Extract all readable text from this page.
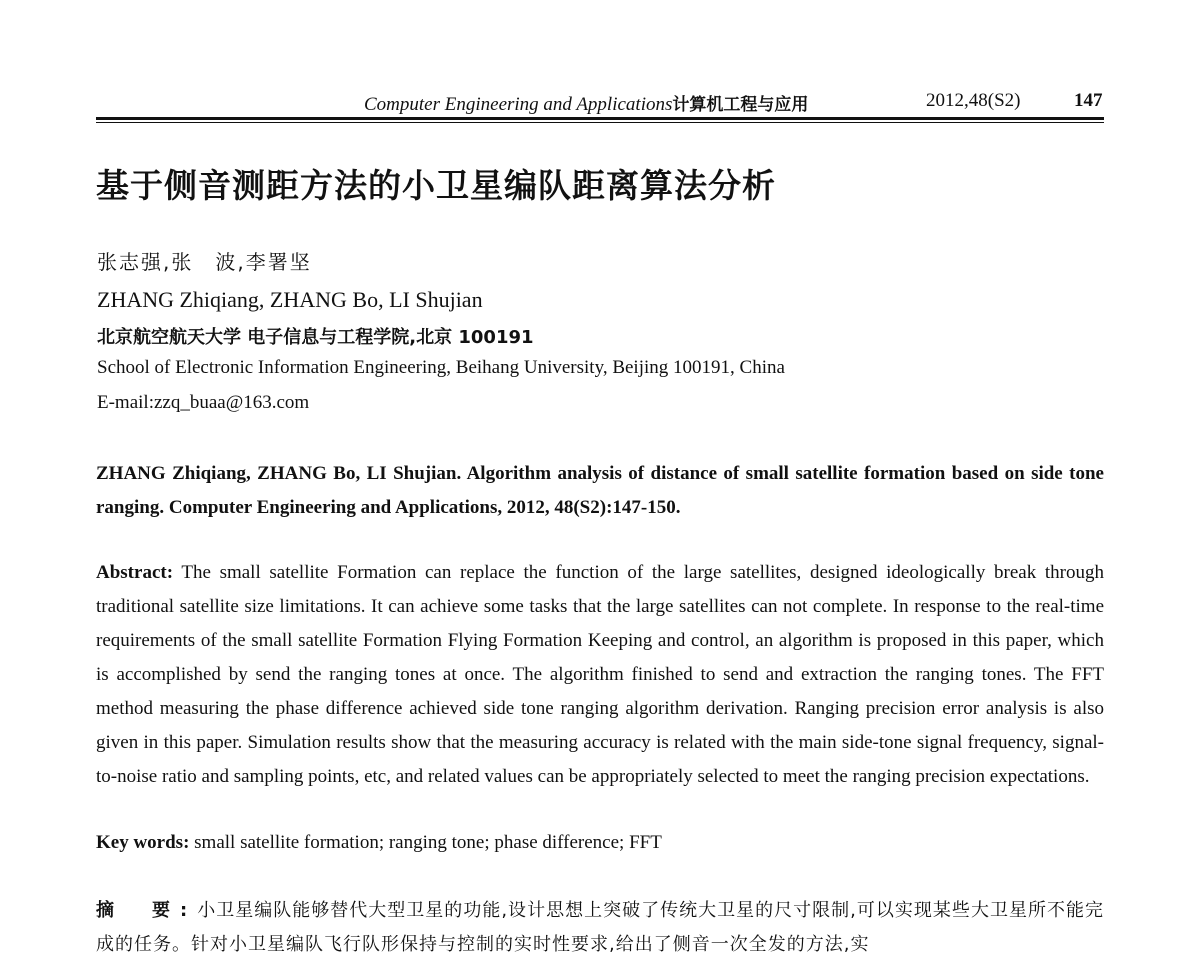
Computer Engineering and Applications计算机工程与应用	2012,48(S2)	147
基于侧音测距方法的小卫星编队距离算法分析
张志强,张　波,李署坚
ZHANG Zhiqiang, ZHANG Bo, LI Shujian
北京航空航天大学 电子信息与工程学院,北京 100191
School of Electronic Information Engineering, Beihang University, Beijing 100191, China
E-mail:zzq_buaa@163.com
ZHANG Zhiqiang, ZHANG Bo, LI Shujian. Algorithm analysis of distance of small satellite formation based on side tone ranging. Computer Engineering and Applications, 2012, 48(S2):147-150.
Abstract: The small satellite Formation can replace the function of the large satellites, designed ideologically break through traditional satellite size limitations. It can achieve some tasks that the large satellites can not complete. In response to the real-time requirements of the small satellite Formation Flying Formation Keeping and control, an algorithm is proposed in this paper, which is accomplished by send the ranging tones at once. The algorithm finished to send and extraction the ranging tones. The FFT method measuring the phase difference achieved side tone ranging algorithm derivation. Ranging precision error analysis is also given in this paper. Simulation results show that the measuring accuracy is related with the main side-tone signal frequency, signal-to-noise ratio and sampling points, etc, and related values can be appropriately selected to meet the ranging precision expectations.
Key words: small satellite formation; ranging tone; phase difference; FFT
摘　要:小卫星编队能够替代大型卫星的功能,设计思想上突破了传统大卫星的尺寸限制,可以实现某些大卫星所不能完成的任务。针对小卫星编队飞行队形保持与控制的实时性要求,给出了侧音一次全发的方法,实
